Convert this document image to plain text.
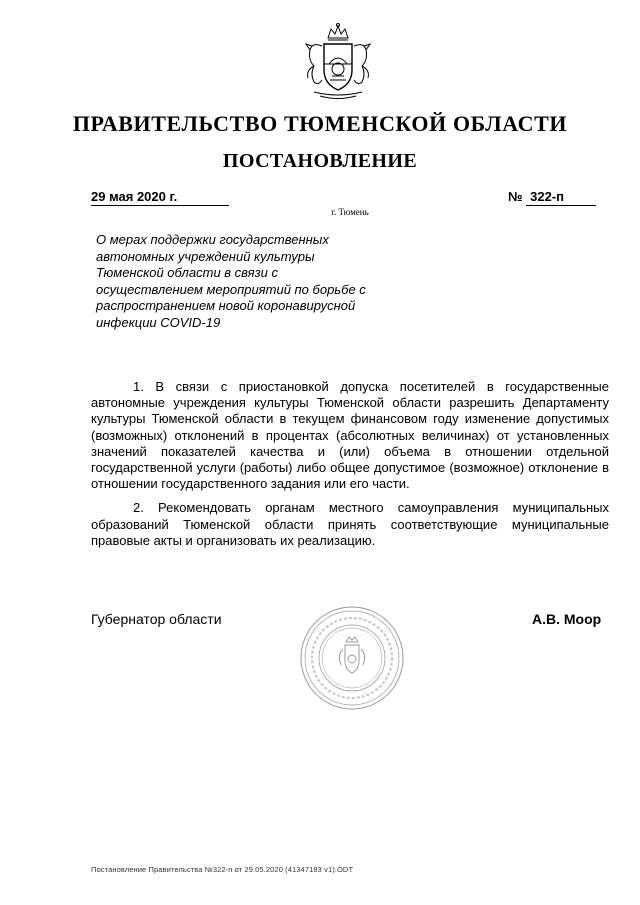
ПРАВИТЕЛЬСТВО ТЮМЕНСКОЙ ОБЛАСТИ
ПОСТАНОВЛЕНИЕ
29 мая 2020 г.	№ 322-п
г. Тюмень
О мерах поддержки государственных автономных учреждений культуры Тюменской области в связи с осуществлением мероприятий по борьбе с распространением новой коронавирусной инфекции COVID-19

1. В связи с приостановкой допуска посетителей в государственные автономные учреждения культуры Тюменской области разрешить Департаменту культуры Тюменской области в текущем финансовом году изменение допустимых (возможных) отклонений в процентах (абсолютных величинах) от установленных значений показателей качества и (или) объема в отношении отдельной государственной услуги (работы) либо общее допустимое (возможное) отклонение в отношении государственного задания или его части.

2. Рекомендовать органам местного самоуправления муниципальных образований Тюменской области принять соответствующие муниципальные правовые акты и организовать их реализацию.

Губернатор области	А.В. Моор
Постановление Правительства №322-п от 29.05.2020 (41347183 v1).ODT
